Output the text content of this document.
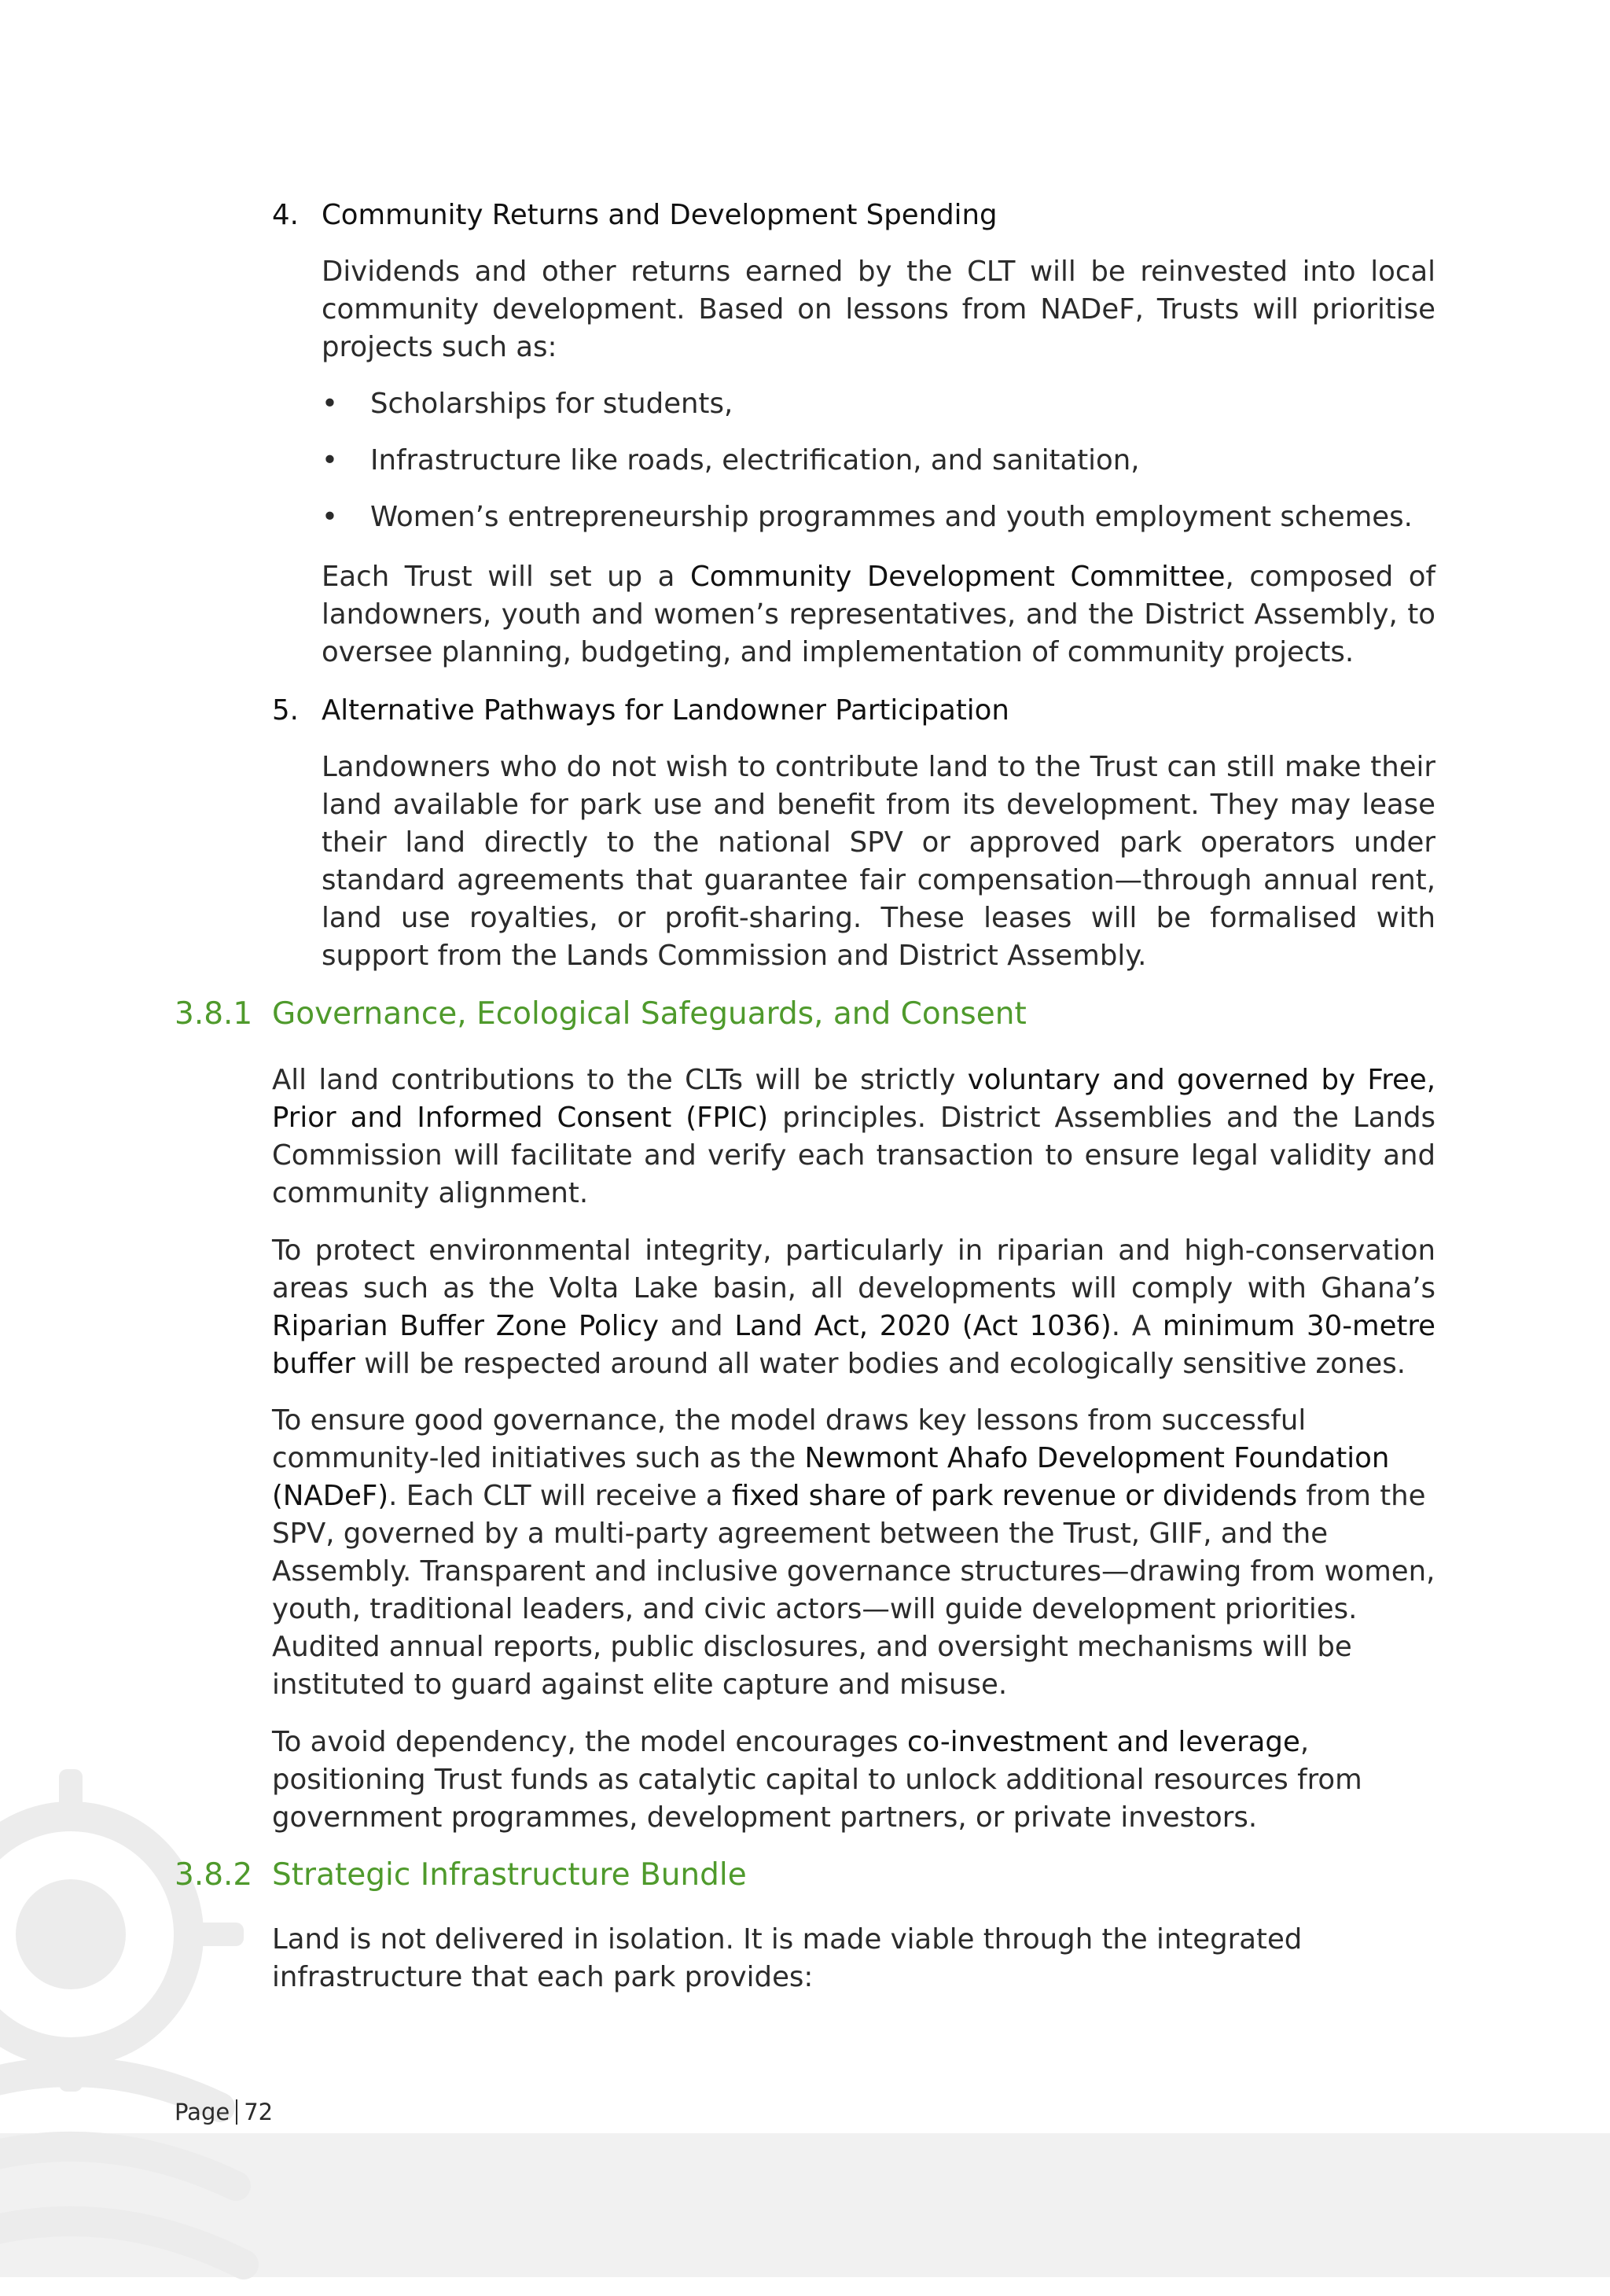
4. Community Returns and Development Spending

Dividends and other returns earned by the CLT will be reinvested into local community development. Based on lessons from NADeF, Trusts will prioritise projects such as:

• Scholarships for students,
• Infrastructure like roads, electrification, and sanitation,
• Women’s entrepreneurship programmes and youth employment schemes.

Each Trust will set up a Community Development Committee, composed of landowners, youth and women’s representatives, and the District Assembly, to oversee planning, budgeting, and implementation of community projects.

5. Alternative Pathways for Landowner Participation

Landowners who do not wish to contribute land to the Trust can still make their land available for park use and benefit from its development. They may lease their land directly to the national SPV or approved park operators under standard agreements that guarantee fair compensation—through annual rent, land use royalties, or profit-sharing. These leases will be formalised with support from the Lands Commission and District Assembly.

3.8.1 Governance, Ecological Safeguards, and Consent

All land contributions to the CLTs will be strictly voluntary and governed by Free, Prior and Informed Consent (FPIC) principles. District Assemblies and the Lands Commission will facilitate and verify each transaction to ensure legal validity and community alignment.

To protect environmental integrity, particularly in riparian and high-conservation areas such as the Volta Lake basin, all developments will comply with Ghana’s Riparian Buffer Zone Policy and Land Act, 2020 (Act 1036). A minimum 30-metre buffer will be respected around all water bodies and ecologically sensitive zones.

To ensure good governance, the model draws key lessons from successful community-led initiatives such as the Newmont Ahafo Development Foundation (NADeF). Each CLT will receive a fixed share of park revenue or dividends from the SPV, governed by a multi-party agreement between the Trust, GIIF, and the Assembly. Transparent and inclusive governance structures—drawing from women, youth, traditional leaders, and civic actors—will guide development priorities. Audited annual reports, public disclosures, and oversight mechanisms will be instituted to guard against elite capture and misuse.

To avoid dependency, the model encourages co-investment and leverage, positioning Trust funds as catalytic capital to unlock additional resources from government programmes, development partners, or private investors.

3.8.2 Strategic Infrastructure Bundle

Land is not delivered in isolation. It is made viable through the integrated infrastructure that each park provides:

Page 72
